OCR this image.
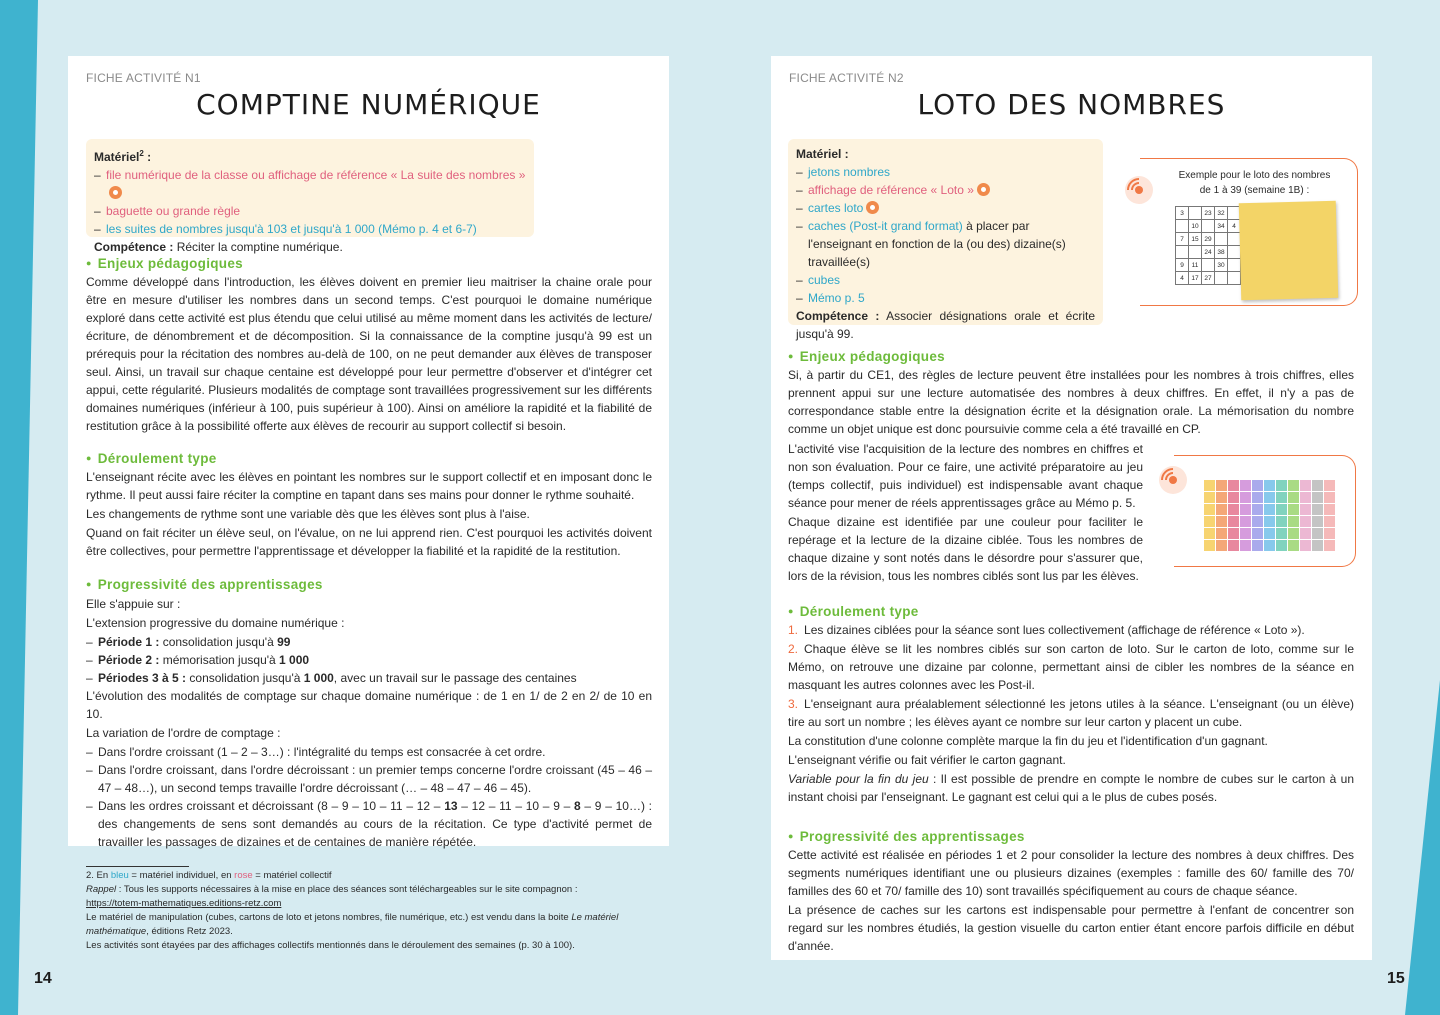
FICHE ACTIVITÉ N1
COMPTINE NUMÉRIQUE
Matériel$^2$ :
– file numérique de la classe ou affichage de référence « La suite des nombres »
– baguette ou grande règle
– les suites de nombres jusqu'à 103 et jusqu'à 1 000 (Mémo p. 4 et 6-7)
Compétence : Réciter la comptine numérique.
● Enjeux pédagogiques
Comme développé dans l'introduction, les élèves doivent en premier lieu maitriser la chaine orale pour être en mesure d'utiliser les nombres dans un second temps. C'est pourquoi le domaine numérique exploré dans cette activité est plus étendu que celui utilisé au même moment dans les activités de lecture/écriture, de dénombrement et de décomposition. Si la connaissance de la comptine jusqu'à 99 est un prérequis pour la récitation des nombres au-delà de 100, on ne peut demander aux élèves de transposer seul. Ainsi, un travail sur chaque centaine est développé pour leur permettre d'observer et d'intégrer cet appui, cette régularité. Plusieurs modalités de comptage sont travaillées progressivement sur les différents domaines numériques (inférieur à 100, puis supérieur à 100). Ainsi on améliore la rapidité et la fiabilité de restitution grâce à la possibilité offerte aux élèves de recourir au support collectif si besoin.
● Déroulement type

L'enseignant récite avec les élèves en pointant les nombres sur le support collectif et en imposant donc le rythme. Il peut aussi faire réciter la comptine en tapant dans ses mains pour donner le rythme souhaité.

Les changements de rythme sont une variable dès que les élèves sont plus à l'aise.

Quand on fait réciter un élève seul, on l'évalue, on ne lui apprend rien. C'est pourquoi les activités doivent être collectives, pour permettre l'apprentissage et développer la fiabilité et la rapidité de la restitution.

● Progressivité des apprentissages

Elle s'appuie sur :

L'extension progressive du domaine numérique :

– Période 1 : consolidation jusqu'à 99
– Période 2 : mémorisation jusqu'à 1 000
– Périodes 3 à 5 : consolidation jusqu'à 1 000, avec un travail sur le passage des centaines

L'évolution des modalités de comptage sur chaque domaine numérique : de 1 en 1/ de 2 en 2/ de 10 en 10.

La variation de l'ordre de comptage :

– Dans l'ordre croissant (1 – 2 – 3…) : l'intégralité du temps est consacrée à cet ordre.
– Dans l'ordre croissant, dans l'ordre décroissant : un premier temps concerne l'ordre croissant (45 – 46 – 47 – 48…), un second temps travaille l'ordre décroissant (… – 48 – 47 – 46 – 45).
– Dans les ordres croissant et décroissant (8 – 9 – 10 – 11 – 12 – 13 – 12 – 11 – 10 – 9 – 8 – 9 – 10…) : des changements de sens sont demandés au cours de la récitation. Ce type d'activité permet de travailler les passages de dizaines et de centaines de manière répétée.
2. En bleu = matériel individuel, en rose = matériel collectif
Rappel : Tous les supports nécessaires à la mise en place des séances sont téléchargeables sur le site compagnon :
https://totem-mathematiques.editions-retz.com
Le matériel de manipulation (cubes, cartons de loto et jetons nombres, file numérique, etc.) est vendu dans la boite Le matériel mathématique, éditions Retz 2023.
Les activités sont étayées par des affichages collectifs mentionnés dans le déroulement des semaines (p. 30 à 100).
14
FICHE ACTIVITÉ N2
LOTO DES NOMBRES
Matériel :
– jetons nombres
– affichage de référence « Loto »
– cartes loto
– caches (Post-it grand format) à placer par l'enseignant en fonction de la (ou des) dizaine(s) travaillée(s)
– cubes
– Mémo p. 5
Compétence : Associer désignations orale et écrite jusqu'à 99.
Exemple pour le loto des nombres de 1 à 39 (semaine 1B) :
3		23	32	
	10		34	4
7	15	29		
		24	38	
9	11		30	
4	17	27		
● Enjeux pédagogiques

Si, à partir du CE1, des règles de lecture peuvent être installées pour les nombres à trois chiffres, elles prennent appui sur une lecture automatisée des nombres à deux chiffres. En effet, il n'y a pas de correspondance stable entre la désignation écrite et la désignation orale. La mémorisation du nombre comme un objet unique est donc poursuivie comme cela a été travaillé en CP.

L'activité vise l'acquisition de la lecture des nombres en chiffres et non son évaluation. Pour ce faire, une activité préparatoire au jeu (temps collectif, puis individuel) est indispensable avant chaque séance pour mener de réels apprentissages grâce au Mémo p. 5.

Chaque dizaine est identifiée par une couleur pour faciliter le repérage et la lecture de la dizaine ciblée. Tous les nombres de chaque dizaine y sont notés dans le désordre pour s'assurer que, lors de la révision, tous les nombres ciblés sont lus par les élèves.

● Déroulement type

1. Les dizaines ciblées pour la séance sont lues collectivement (affichage de référence « Loto »).

2. Chaque élève se lit les nombres ciblés sur son carton de loto. Sur le carton de loto, comme sur le Mémo, on retrouve une dizaine par colonne, permettant ainsi de cibler les nombres de la séance en masquant les autres colonnes avec les Post-il.

3. L'enseignant aura préalablement sélectionné les jetons utiles à la séance. L'enseignant (ou un élève) tire au sort un nombre ; les élèves ayant ce nombre sur leur carton y placent un cube.

La constitution d'une colonne complète marque la fin du jeu et l'identification d'un gagnant.

L'enseignant vérifie ou fait vérifier le carton gagnant.

Variable pour la fin du jeu : Il est possible de prendre en compte le nombre de cubes sur le carton à un instant choisi par l'enseignant. Le gagnant est celui qui a le plus de cubes posés.

● Progressivité des apprentissages

Cette activité est réalisée en périodes 1 et 2 pour consolider la lecture des nombres à deux chiffres. Des segments numériques identifiant une ou plusieurs dizaines (exemples : famille des 60/ famille des 70/ familles des 60 et 70/ famille des 10) sont travaillés spécifiquement au cours de chaque séance.

La présence de caches sur les cartons est indispensable pour permettre à l'enfant de concentrer son regard sur les nombres étudiés, la gestion visuelle du carton entier étant encore parfois difficile en début d'année.

15
